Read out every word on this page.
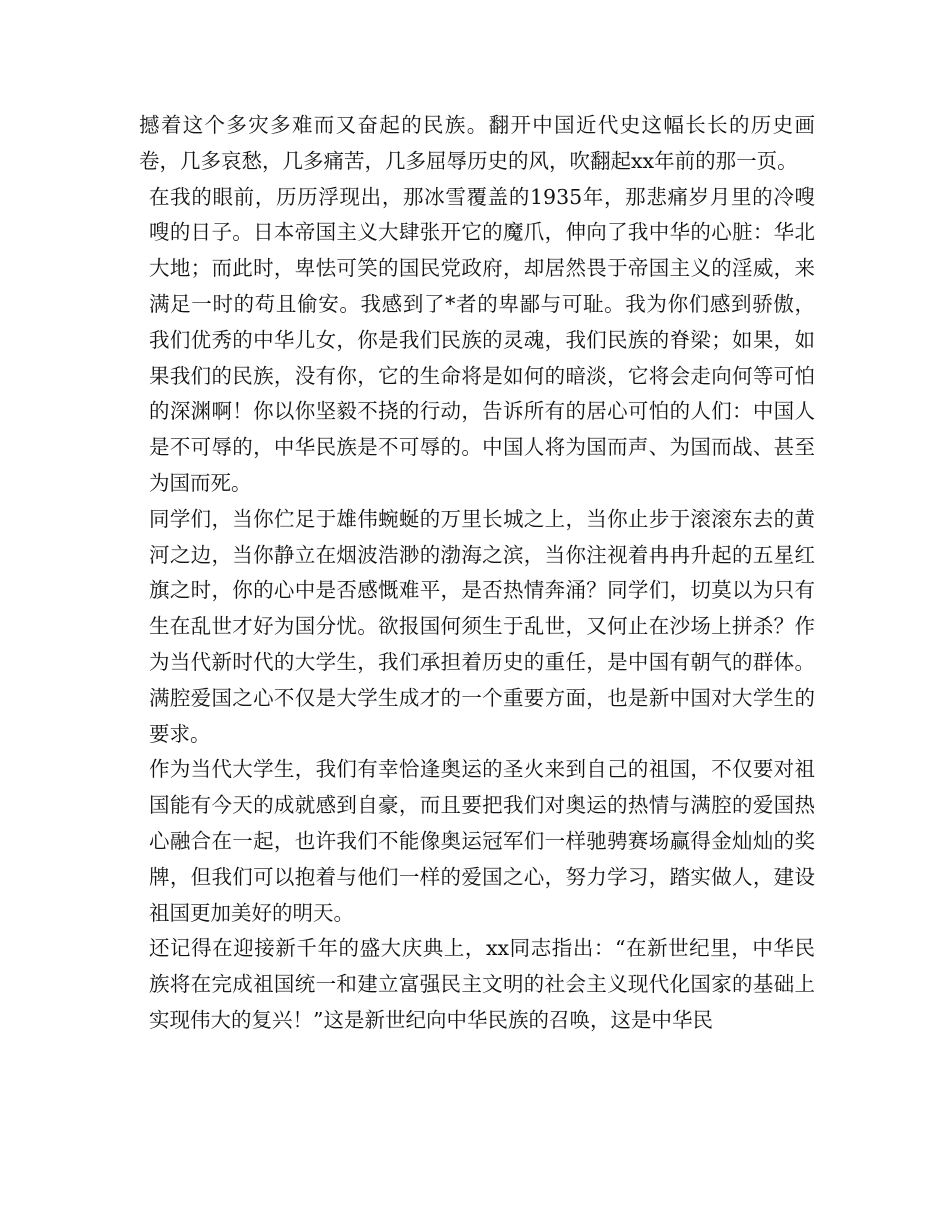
撼着这个多灾多难而又奋起的民族。翻开中国近代史这幅长长的历史画卷，几多哀愁，几多痛苦，几多屈辱历史的风，吹翻起xx年前的那一页。

在我的眼前，历历浮现出，那冰雪覆盖的1935年，那悲痛岁月里的冷嗖嗖的日子。日本帝国主义大肆张开它的魔爪，伸向了我中华的心脏：华北大地；而此时，卑怯可笑的国民党政府，却居然畏于帝国主义的淫威，来满足一时的苟且偷安。我感到了*者的卑鄙与可耻。我为你们感到骄傲，我们优秀的中华儿女，你是我们民族的灵魂，我们民族的脊梁；如果，如果我们的民族，没有你，它的生命将是如何的暗淡，它将会走向何等可怕的深渊啊！你以你坚毅不挠的行动，告诉所有的居心可怕的人们：中国人是不可辱的，中华民族是不可辱的。中国人将为国而声、为国而战、甚至为国而死。

同学们，当你伫足于雄伟蜿蜒的万里长城之上，当你止步于滚滚东去的黄河之边，当你静立在烟波浩渺的渤海之滨，当你注视着冉冉升起的五星红旗之时，你的心中是否感慨难平，是否热情奔涌？同学们，切莫以为只有生在乱世才好为国分忧。欲报国何须生于乱世，又何止在沙场上拼杀？作为当代新时代的大学生，我们承担着历史的重任，是中国有朝气的群体。满腔爱国之心不仅是大学生成才的一个重要方面，也是新中国对大学生的要求。

作为当代大学生，我们有幸恰逢奥运的圣火来到自己的祖国，不仅要对祖国能有今天的成就感到自豪，而且要把我们对奥运的热情与满腔的爱国热心融合在一起，也许我们不能像奥运冠军们一样驰骋赛场赢得金灿灿的奖牌，但我们可以抱着与他们一样的爱国之心，努力学习，踏实做人，建设祖国更加美好的明天。

还记得在迎接新千年的盛大庆典上，xx同志指出：“在新世纪里，中华民族将在完成祖国统一和建立富强民主文明的社会主义现代化国家的基础上实现伟大的复兴！”这是新世纪向中华民族的召唤，这是中华民
